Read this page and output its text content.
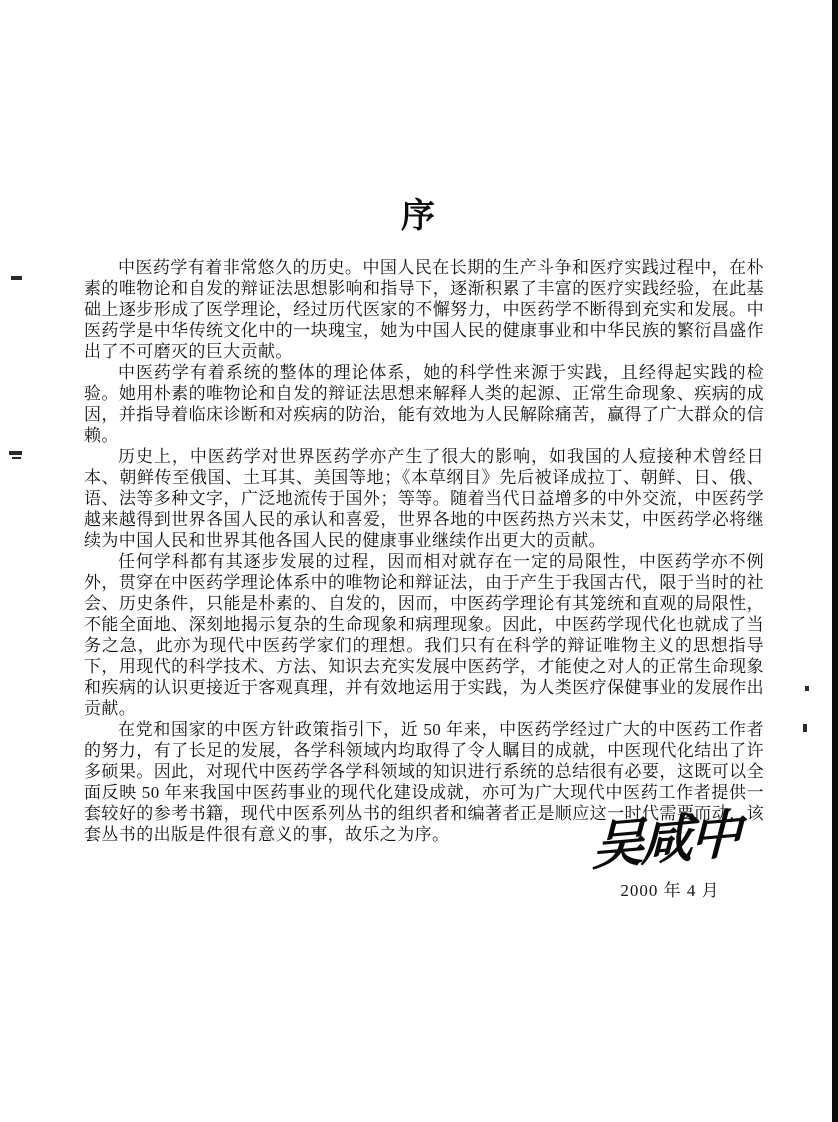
序

中医药学有着非常悠久的历史。中国人民在长期的生产斗争和医疗实践过程中，在朴素的唯物论和自发的辩证法思想影响和指导下，逐渐积累了丰富的医疗实践经验，在此基础上逐步形成了医学理论，经过历代医家的不懈努力，中医药学不断得到充实和发展。中医药学是中华传统文化中的一块瑰宝，她为中国人民的健康事业和中华民族的繁衍昌盛作出了不可磨灭的巨大贡献。

中医药学有着系统的整体的理论体系，她的科学性来源于实践，且经得起实践的检验。她用朴素的唯物论和自发的辩证法思想来解释人类的起源、正常生命现象、疾病的成因，并指导着临床诊断和对疾病的防治，能有效地为人民解除痛苦，赢得了广大群众的信赖。

历史上，中医药学对世界医药学亦产生了很大的影响，如我国的人痘接种术曾经日本、朝鲜传至俄国、土耳其、美国等地；《本草纲目》先后被译成拉丁、朝鲜、日、俄、语、法等多种文字，广泛地流传于国外；等等。随着当代日益增多的中外交流，中医药学越来越得到世界各国人民的承认和喜爱，世界各地的中医药热方兴未艾，中医药学必将继续为中国人民和世界其他各国人民的健康事业继续作出更大的贡献。

任何学科都有其逐步发展的过程，因而相对就存在一定的局限性，中医药学亦不例外，贯穿在中医药学理论体系中的唯物论和辩证法，由于产生于我国古代，限于当时的社会、历史条件，只能是朴素的、自发的，因而，中医药学理论有其笼统和直观的局限性，不能全面地、深刻地揭示复杂的生命现象和病理现象。因此，中医药学现代化也就成了当务之急，此亦为现代中医药学家们的理想。我们只有在科学的辩证唯物主义的思想指导下，用现代的科学技术、方法、知识去充实发展中医药学，才能使之对人的正常生命现象和疾病的认识更接近于客观真理，并有效地运用于实践，为人类医疗保健事业的发展作出贡献。

在党和国家的中医方针政策指引下，近 50 年来，中医药学经过广大的中医药工作者的努力，有了长足的发展，各学科领域内均取得了令人瞩目的成就，中医现代化结出了许多硕果。因此，对现代中医药学各学科领域的知识进行系统的总结很有必要，这既可以全面反映 50 年来我国中医药事业的现代化建设成就，亦可为广大现代中医药工作者提供一套较好的参考书籍，现代中医系列丛书的组织者和编著者正是顺应这一时代需要而动，该套丛书的出版是件很有意义的事，故乐之为序。	吴咸中
2000 年 4 月
